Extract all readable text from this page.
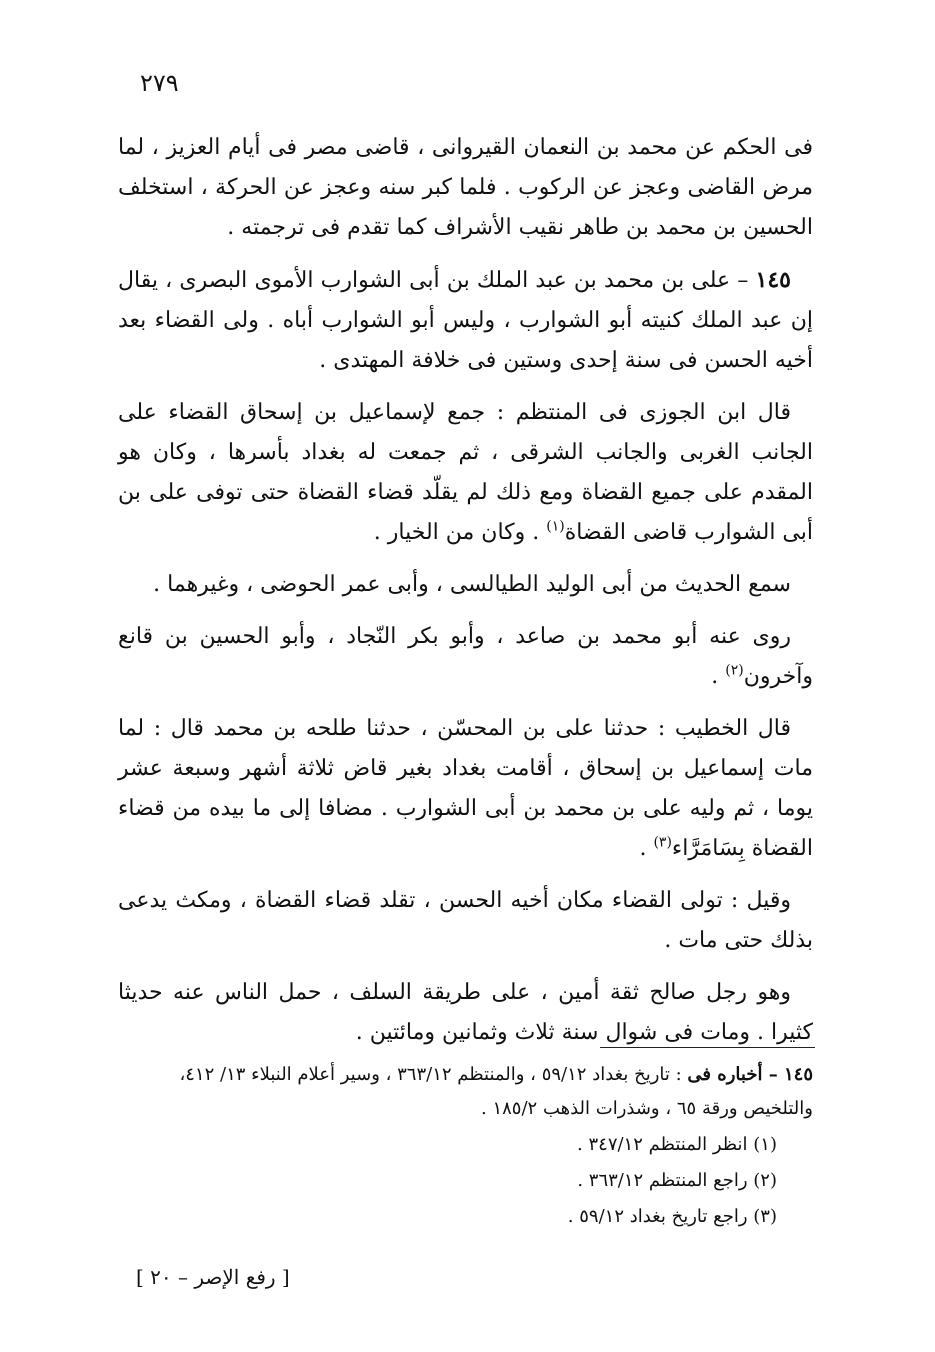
٢٧٩

فى الحكم عن محمد بن النعمان القيروانى ، قاضى مصر فى أيام العزيز ، لما مرض القاضى وعجز عن الركوب . فلما كبر سنه وعجز عن الحركة ، استخلف الحسين بن محمد بن طاهر نقيب الأشراف كما تقدم فى ترجمته .

١٤٥ – على بن محمد بن عبد الملك بن أبى الشوارب الأموى البصرى ، يقال إن عبد الملك كنيته أبو الشوارب ، وليس أبو الشوارب أباه . ولى القضاء بعد أخيه الحسن فى سنة إحدى وستين فى خلافة المهتدى .

قال ابن الجوزى فى المنتظم : جمع لإسماعيل بن إسحاق القضاء على الجانب الغربى والجانب الشرقى ، ثم جمعت له بغداد بأسرها ، وكان هو المقدم على جميع القضاة ومع ذلك لم يقلّد قضاء القضاة حتى توفى على بن أبى الشوارب قاضى القضاة$^{(١)}$ . وكان من الخيار .

سمع الحديث من أبى الوليد الطيالسى ، وأبى عمر الحوضى ، وغيرهما .

روى عنه أبو محمد بن صاعد ، وأبو بكر النّجاد ، وأبو الحسين بن قانع وآخرون$^{(٢)}$ .

قال الخطيب : حدثنا على بن المحسّن ، حدثنا طلحه بن محمد قال : لما مات إسماعيل بن إسحاق ، أقامت بغداد بغير قاض ثلاثة أشهر وسبعة عشر يوما ، ثم وليه على بن محمد بن أبى الشوارب . مضافا إلى ما بيده من قضاء القضاة بِسَامَرَّاء$^{(٣)}$ .

وقيل : تولى القضاء مكان أخيه الحسن ، تقلد قضاء القضاة ، ومكث يدعى بذلك حتى مات .

وهو رجل صالح ثقة أمين ، على طريقة السلف ، حمل الناس عنه حديثا كثيرا . ومات فى شوال سنة ثلاث وثمانين ومائتين .

١٤٥ – أخباره فى : تاريخ بغداد ٥٩/١٢ ، والمنتظم ٣٦٣/١٢ ، وسير أعلام النبلاء ١٣/ ٤١٢، والتلخيص ورقة ٦٥ ، وشذرات الذهب ١٨٥/٢ .

(١) انظر المنتظم ٣٤٧/١٢ .

(٢) راجع المنتظم ٣٦٣/١٢ .

(٣) راجع تاريخ بغداد ٥٩/١٢ .

[ رفع الإصر – ٢٠ ]
